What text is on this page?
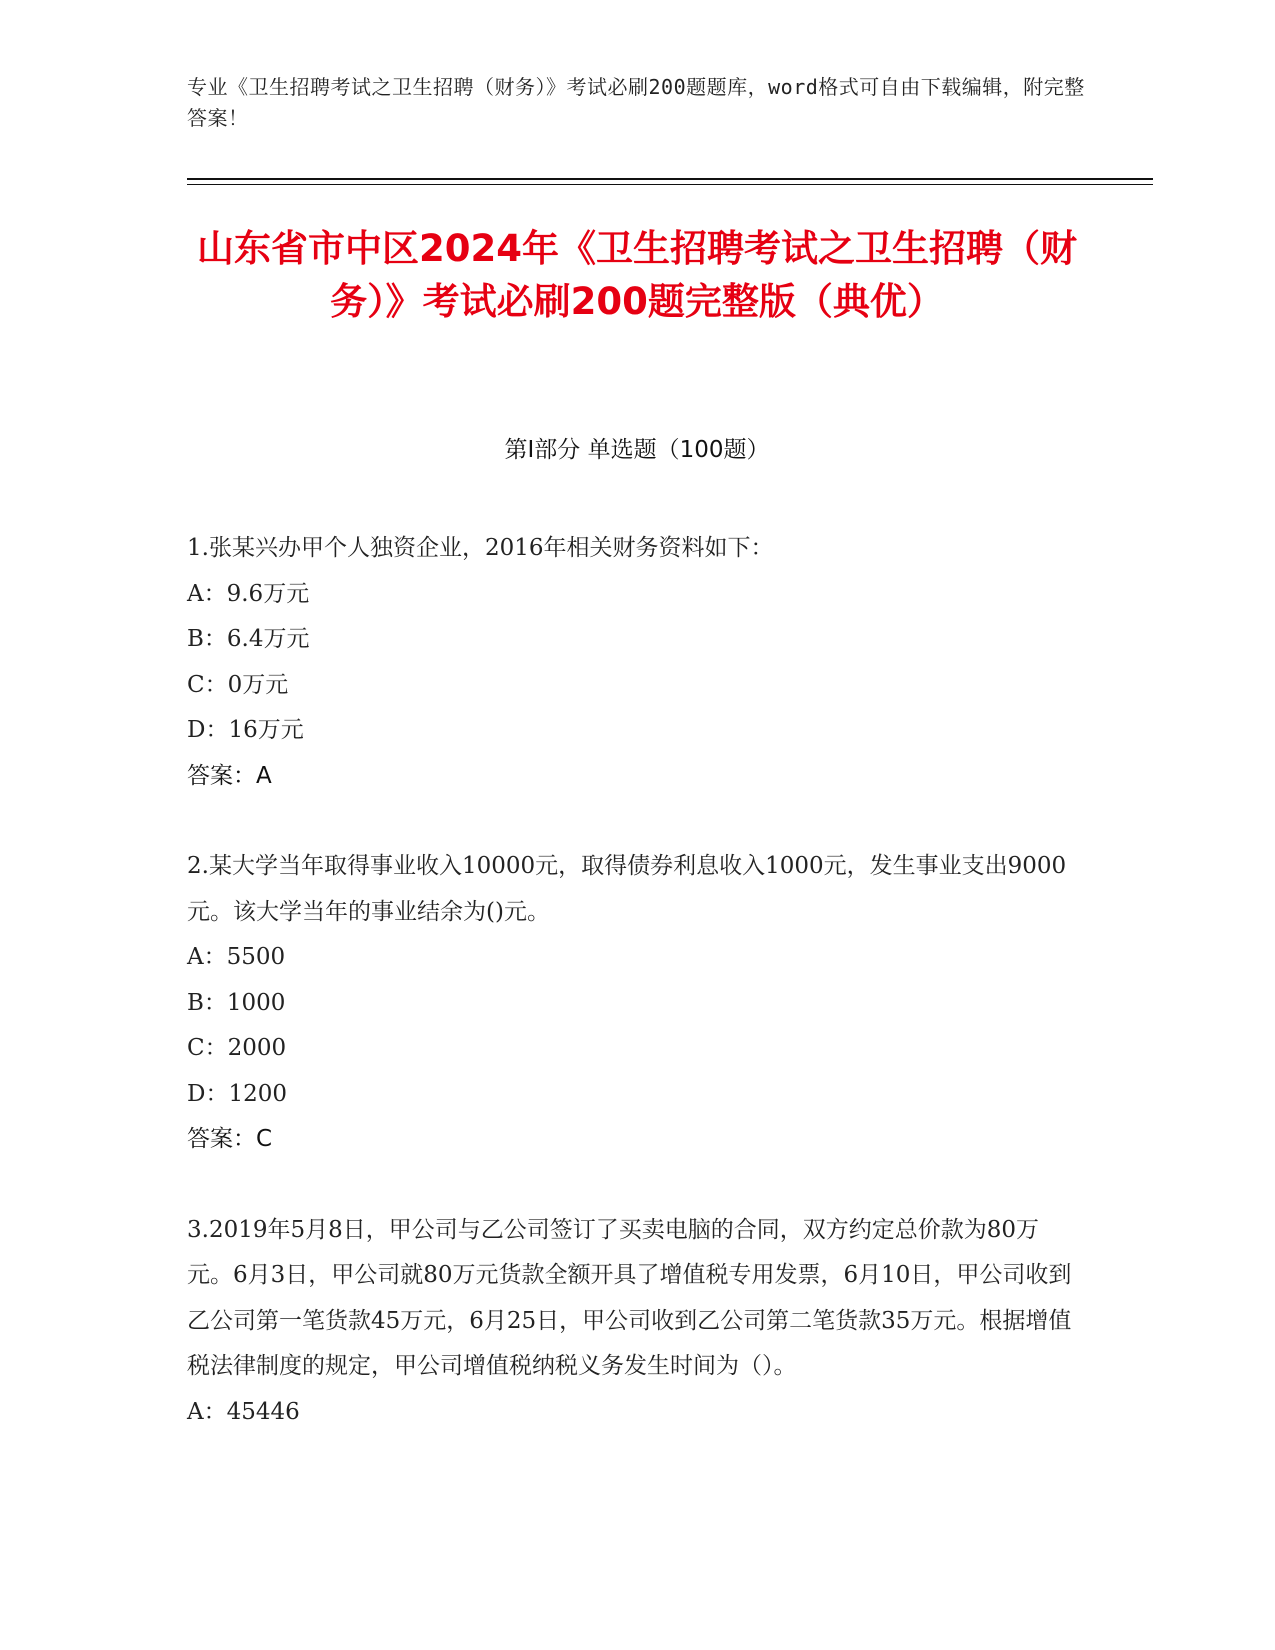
专业《卫生招聘考试之卫生招聘（财务）》考试必刷200题题库，word格式可自由下载编辑，附完整答案！
山东省市中区2024年《卫生招聘考试之卫生招聘（财务）》考试必刷200题完整版（典优）
第I部分 单选题（100题）

1.张某兴办甲个人独资企业，2016年相关财务资料如下：

A：9.6万元

B：6.4万元

C：0万元

D：16万元

答案：A

2.某大学当年取得事业收入10000元，取得债券利息收入1000元，发生事业支出9000元。该大学当年的事业结余为()元。

A：5500

B：1000

C：2000

D：1200

答案：C

3.2019年5月8日，甲公司与乙公司签订了买卖电脑的合同，双方约定总价款为80万元。6月3日，甲公司就80万元货款全额开具了增值税专用发票，6月10日，甲公司收到乙公司第一笔货款45万元，6月25日，甲公司收到乙公司第二笔货款35万元。根据增值税法律制度的规定，甲公司增值税纳税义务发生时间为（）。

A：45446
